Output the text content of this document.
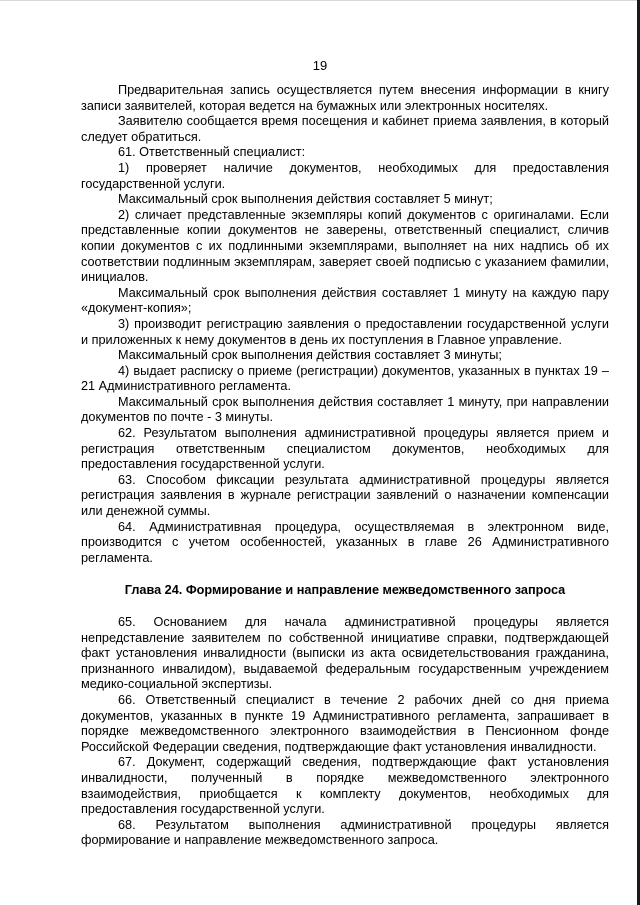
19

Предварительная запись осуществляется путем внесения информации в книгу записи заявителей, которая ведется на бумажных или электронных носителях.

Заявителю сообщается время посещения и кабинет приема заявления, в который следует обратиться.

61. Ответственный специалист:

1) проверяет наличие документов, необходимых для предоставления государственной услуги.

Максимальный срок выполнения действия составляет 5 минут;

2) сличает представленные экземпляры копий документов с оригиналами. Если представленные копии документов не заверены, ответственный специалист, сличив копии документов с их подлинными экземплярами, выполняет на них надпись об их соответствии подлинным экземплярам, заверяет своей подписью с указанием фамилии, инициалов.

Максимальный срок выполнения действия составляет 1 минуту на каждую пару «документ-копия»;

3) производит регистрацию заявления о предоставлении государственной услуги и приложенных к нему документов в день их поступления в Главное управление.

Максимальный срок выполнения действия составляет 3 минуты;

4) выдает расписку о приеме (регистрации) документов, указанных в пунктах 19 – 21 Административного регламента.

Максимальный срок выполнения действия составляет 1 минуту, при направлении документов по почте - 3 минуты.

62. Результатом выполнения административной процедуры является прием и регистрация ответственным специалистом документов, необходимых для предоставления государственной услуги.

63. Способом фиксации результата административной процедуры является регистрация заявления в журнале регистрации заявлений о назначении компенсации или денежной суммы.

64. Административная процедура, осуществляемая в электронном виде, производится с учетом особенностей, указанных в главе 26 Административного регламента.

Глава 24. Формирование и направление межведомственного запроса

65. Основанием для начала административной процедуры является непредставление заявителем по собственной инициативе справки, подтверждающей факт установления инвалидности (выписки из акта освидетельствования гражданина, признанного инвалидом), выдаваемой федеральным государственным учреждением медико-социальной экспертизы.

66. Ответственный специалист в течение 2 рабочих дней со дня приема документов, указанных в пункте 19 Административного регламента, запрашивает в порядке межведомственного электронного взаимодействия в Пенсионном фонде Российской Федерации сведения, подтверждающие факт установления инвалидности.

67. Документ, содержащий сведения, подтверждающие факт установления инвалидности, полученный в порядке межведомственного электронного взаимодействия, приобщается к комплекту документов, необходимых для предоставления государственной услуги.

68. Результатом выполнения административной процедуры является формирование и направление межведомственного запроса.
